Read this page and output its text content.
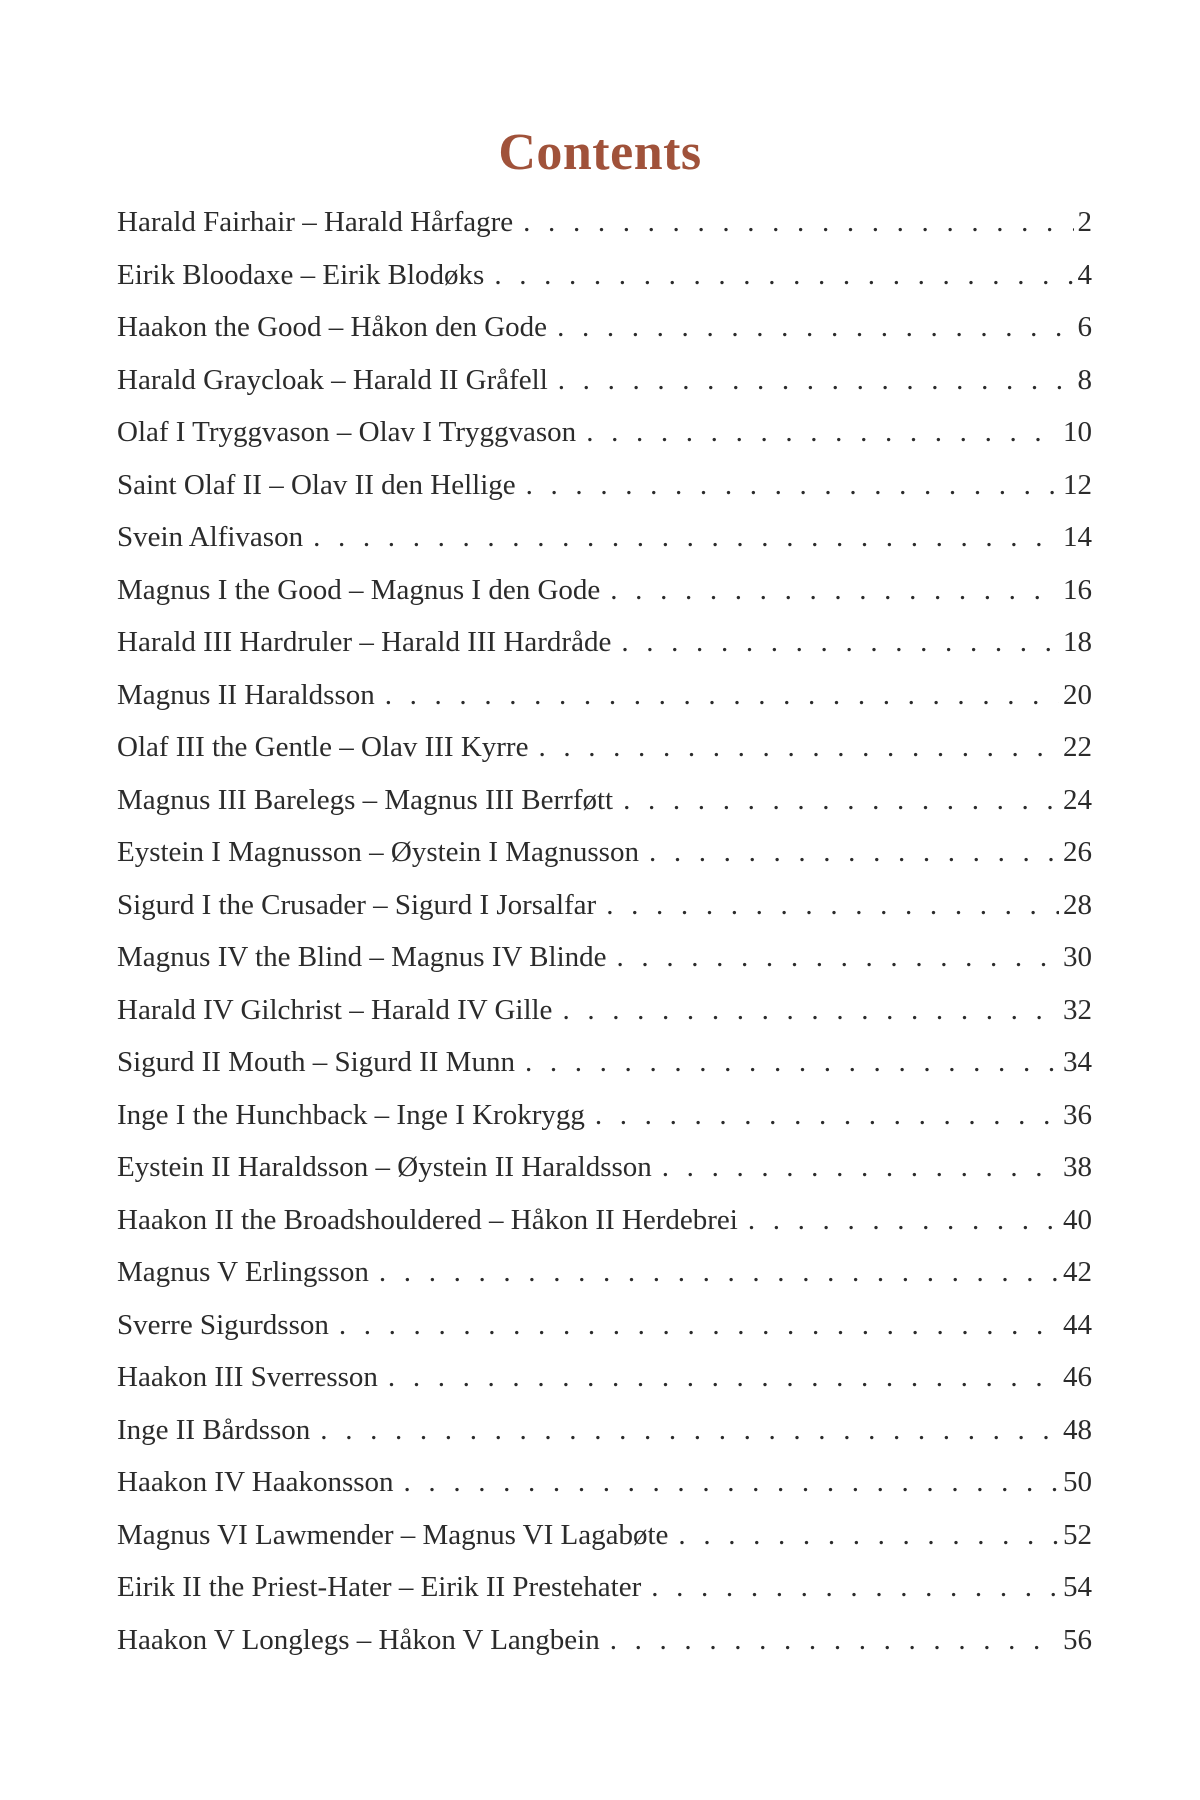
Contents
Harald Fairhair – Harald Hårfagre . . .	2
Eirik Bloodaxe – Eirik Blodøks . . .	4
Haakon the Good – Håkon den Gode . . .	6
Harald Graycloak – Harald II Gråfell . . .	8
Olaf I Tryggvason – Olav I Tryggvason . . .	10
Saint Olaf II – Olav II den Hellige . . .	12
Svein Alfivason . . .	14
Magnus I the Good – Magnus I den Gode . . .	16
Harald III Hardruler – Harald III Hardråde . . .	18
Magnus II Haraldsson . . .	20
Olaf III the Gentle – Olav III Kyrre . . .	22
Magnus III Barelegs – Magnus III Berrføtt . . .	24
Eystein I Magnusson – Øystein I Magnusson . . .	26
Sigurd I the Crusader – Sigurd I Jorsalfar . . .	28
Magnus IV the Blind – Magnus IV Blinde . . .	30
Harald IV Gilchrist – Harald IV Gille . . .	32
Sigurd II Mouth – Sigurd II Munn . . .	34
Inge I the Hunchback – Inge I Krokrygg . . .	36
Eystein II Haraldsson – Øystein II Haraldsson . . .	38
Haakon II the Broadshouldered – Håkon II Herdebrei . . .	40
Magnus V Erlingsson . . .	42
Sverre Sigurdsson . . .	44
Haakon III Sverresson . . .	46
Inge II Bårdsson . . .	48
Haakon IV Haakonsson . . .	50
Magnus VI Lawmender – Magnus VI Lagabøte . . .	52
Eirik II the Priest-Hater – Eirik II Prestehater . . .	54
Haakon V Longlegs – Håkon V Langbein . . .	56
